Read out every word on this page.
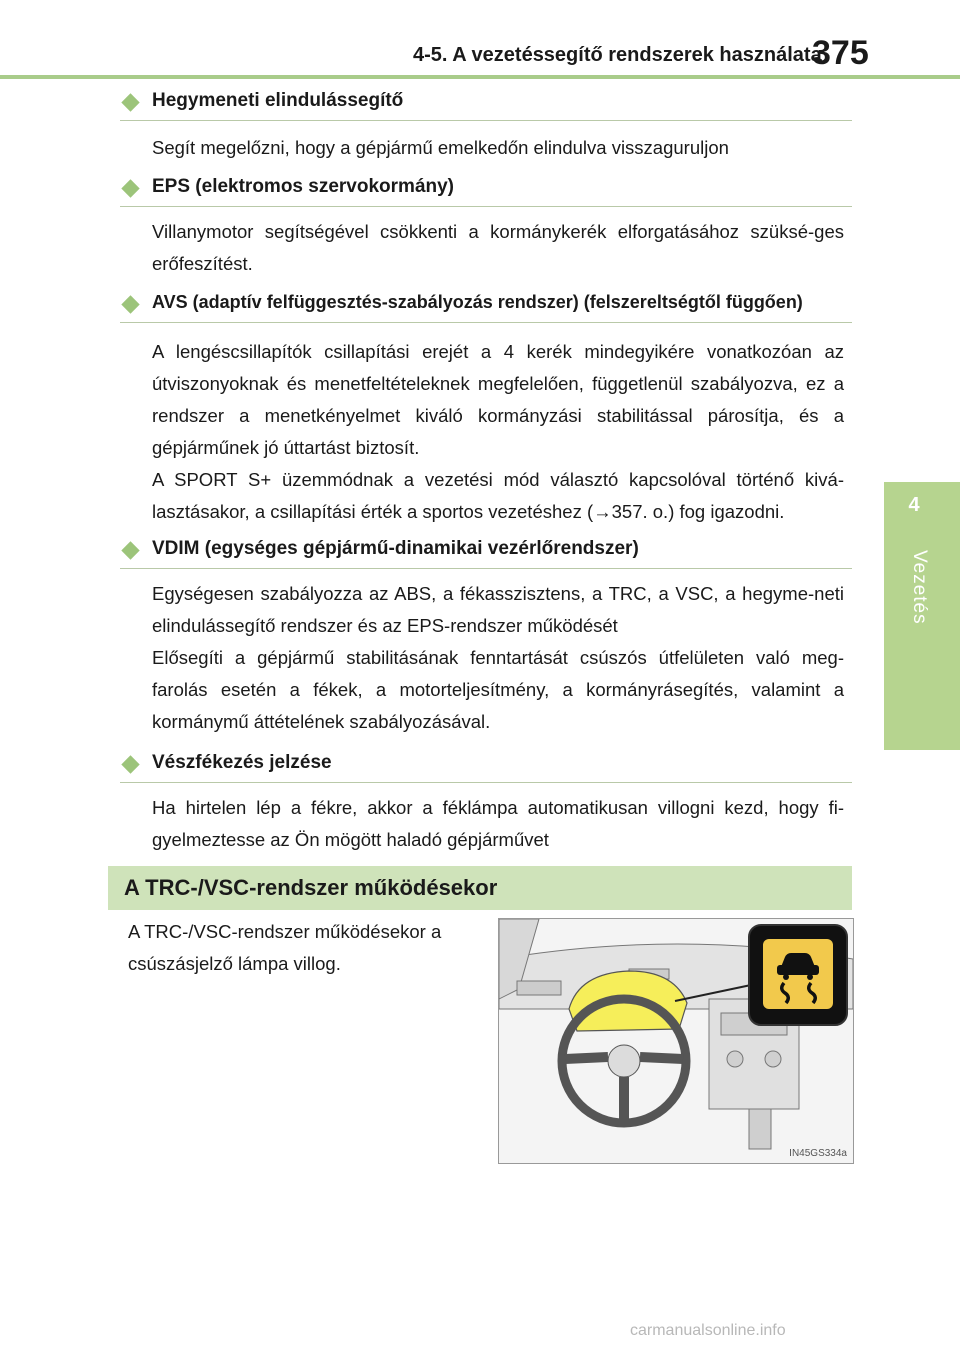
4-5. A vezetéssegítő rendszerek használata
375
4
Vezetés
Hegymeneti elindulássegítő

Segít megelőzni, hogy a gépjármű emelkedőn elindulva visszaguruljon

EPS (elektromos szervokormány)

Villanymotor segítségével csökkenti a kormánykerék elforgatásához szüksé-ges erőfeszítést.

AVS (adaptív felfüggesztés-szabályozás rendszer) (felszereltségtől függően)

A lengéscsillapítók csillapítási erejét a 4 kerék mindegyikére vonatkozóan az útviszonyoknak és menetfeltételeknek megfelelően, függetlenül szabályozva, ez a rendszer a menetkényelmet kiváló kormányzási stabilitással párosítja, és a gépjárműnek jó úttartást biztosít.

A SPORT S+ üzemmódnak a vezetési mód választó kapcsolóval történő kivá-lasztásakor, a csillapítási érték a sportos vezetéshez (→357. o.) fog igazodni.

VDIM (egységes gépjármű-dinamikai vezérlőrendszer)

Egységesen szabályozza az ABS, a fékasszisztens, a TRC, a VSC, a hegyme-neti elindulássegítő rendszer és az EPS-rendszer működését

Elősegíti a gépjármű stabilitásának fenntartását csúszós útfelületen való meg-farolás esetén a fékek, a motorteljesítmény, a kormányrásegítés, valamint a kormánymű áttételének szabályozásával.

Vészfékezés jelzése

Ha hirtelen lép a fékre, akkor a féklámpa automatikusan villogni kezd, hogy fi-gyelmeztesse az Ön mögött haladó gépjárművet

A TRC-/VSC-rendszer működésekor

A TRC-/VSC-rendszer működésekor a csúszásjelző lámpa villog.

IN45GS334a
carmanualsonline.info
